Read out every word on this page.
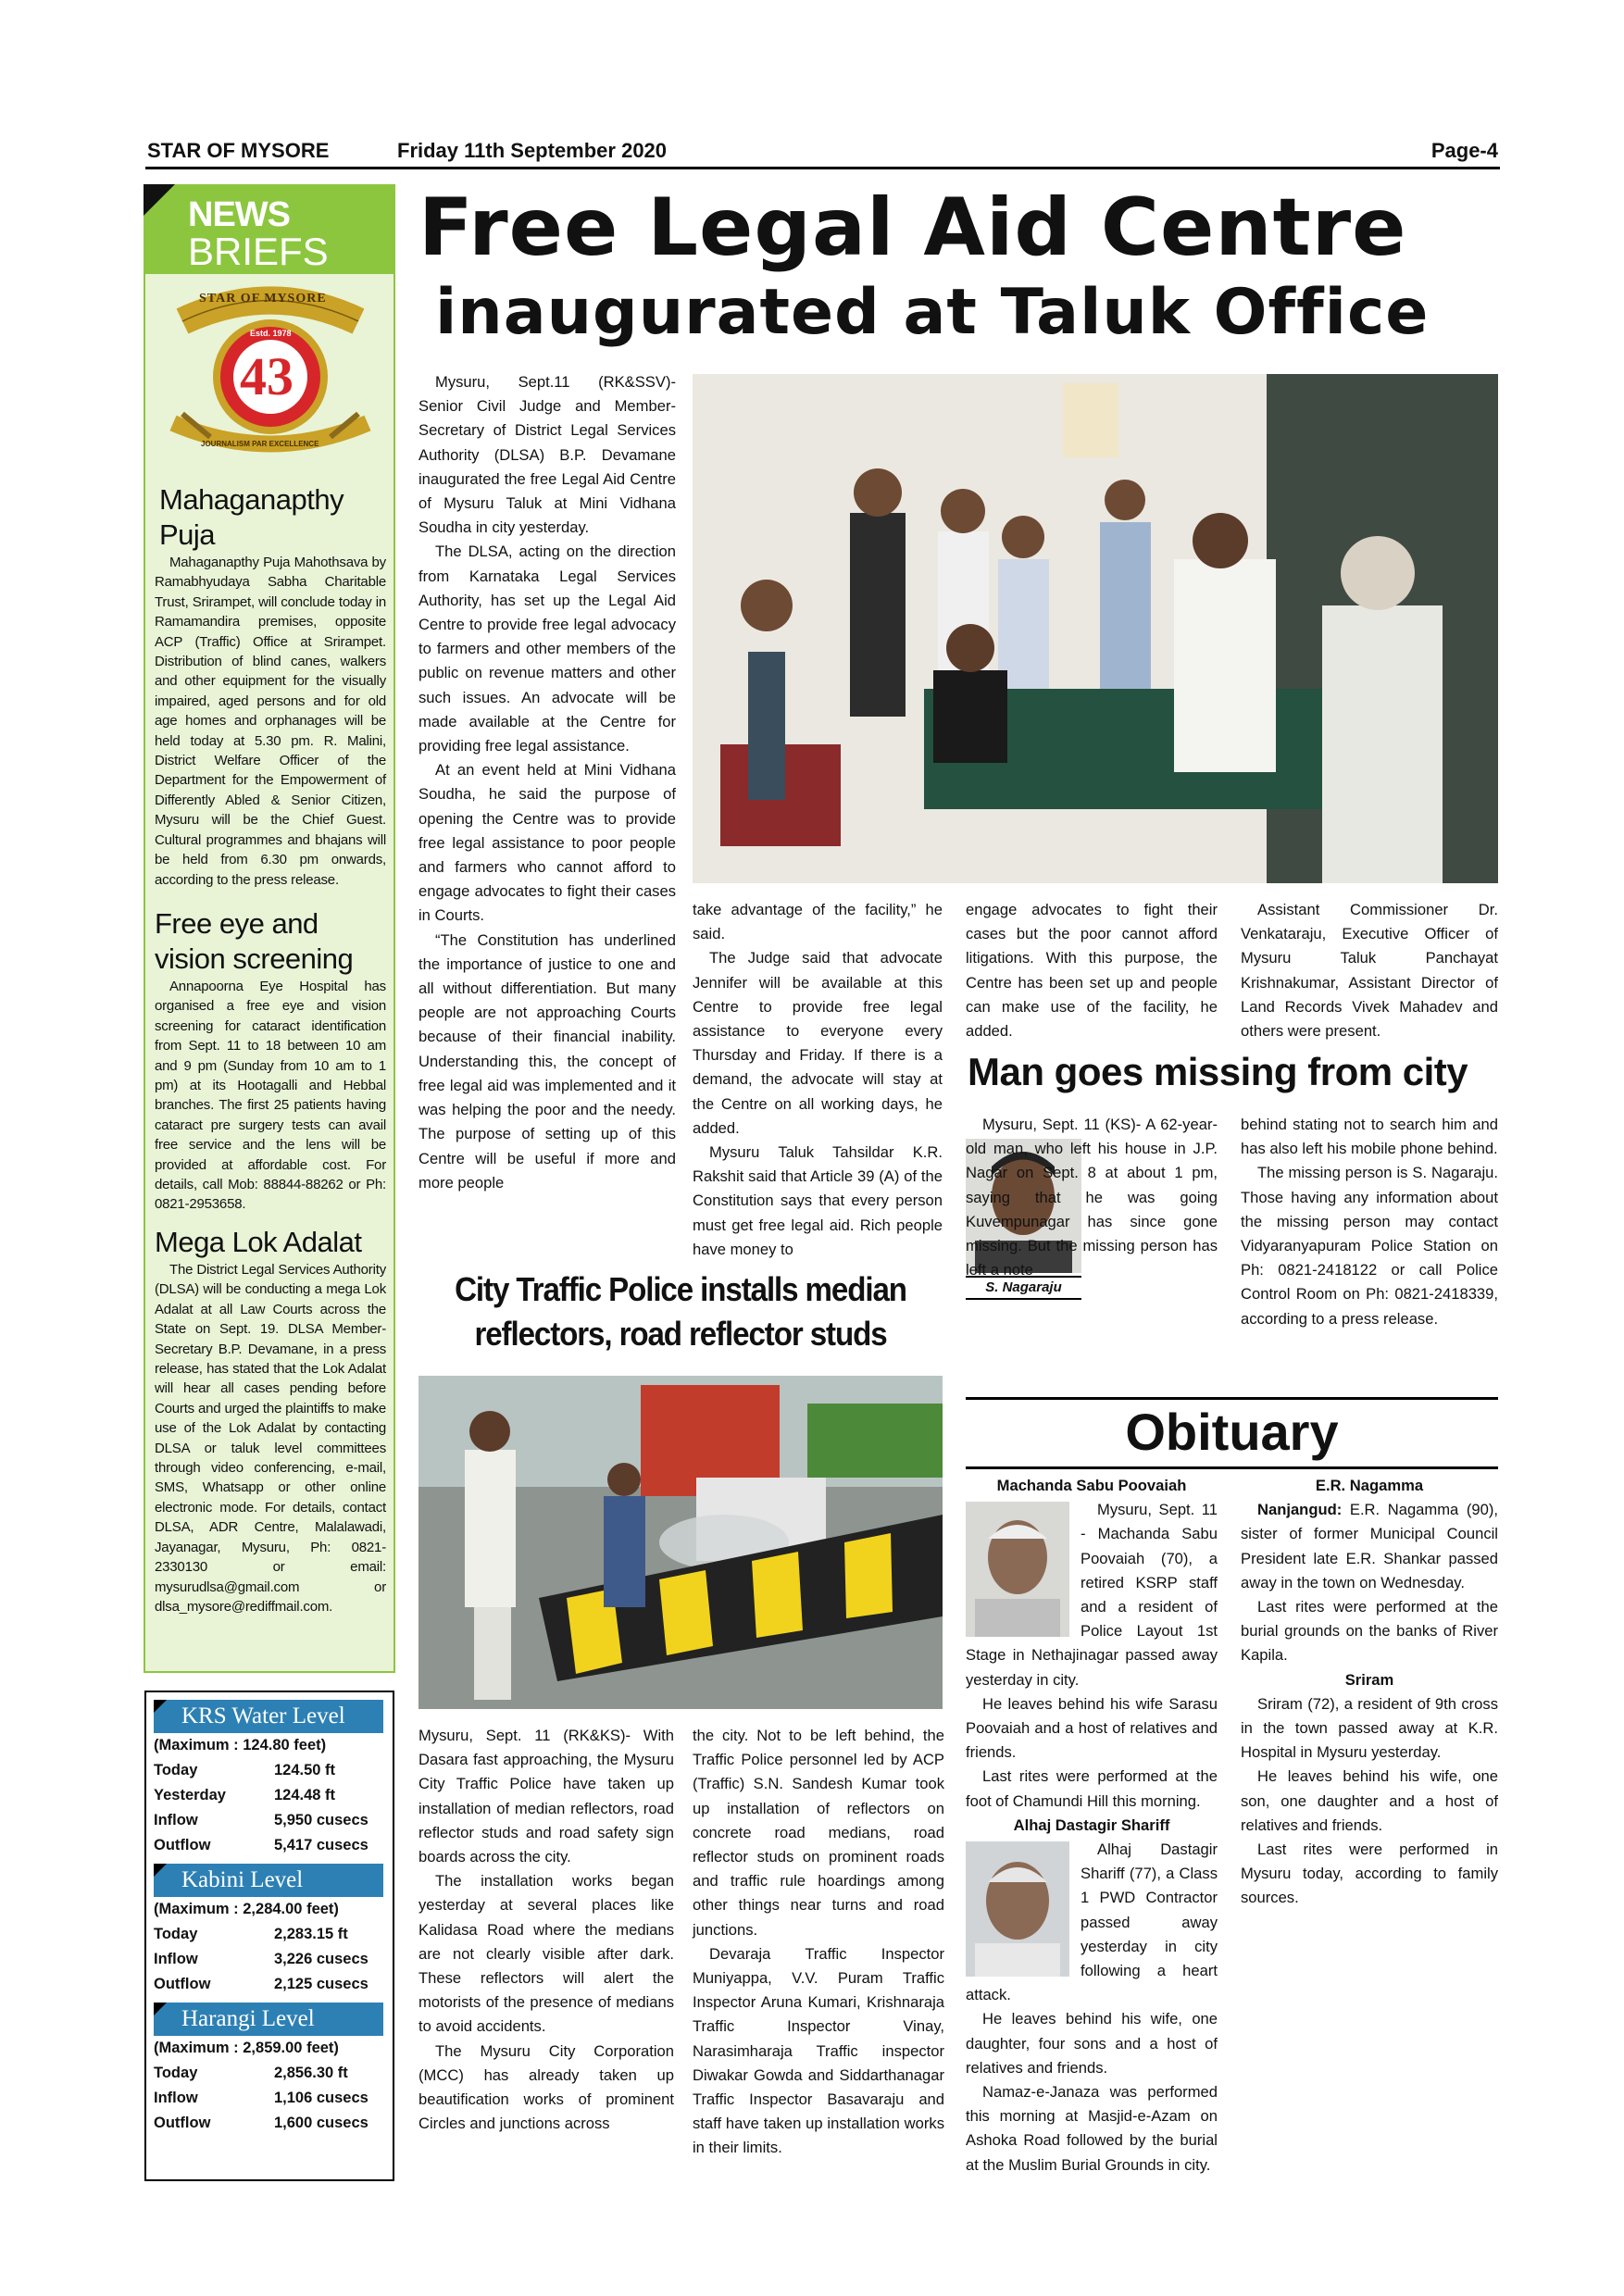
STAR OF MYSORE	Friday 11th September 2020	Page-4
NEWS
BRIEFS
STAR OF MYSORE
Estd. 1978
43
JOURNALISM PAR EXCELLENCE
Mahaganapthy Puja

Mahaganapthy Puja Mahothsava by Ramabhyudaya Sabha Charitable Trust, Srirampet, will conclude today in Ramamandira premises, opposite ACP (Traffic) Office at Srirampet. Distribution of blind canes, walkers and other equipment for the visually impaired, aged persons and for old age homes and orphanages will be held today at 5.30 pm. R. Malini, District Welfare Officer of the Department for the Empowerment of Differently Abled & Senior Citizen, Mysuru will be the Chief Guest. Cultural programmes and bhajans will be held from 6.30 pm onwards, according to the press release.

Free eye and
vision screening

Annapoorna Eye Hospital has organised a free eye and vision screening for cataract identification from Sept. 11 to 18 between 10 am and 9 pm (Sunday from 10 am to 1 pm) at its Hootagalli and Hebbal branches. The first 25 patients having cataract pre surgery tests can avail free service and the lens will be provided at affordable cost. For details, call Mob: 88844-88262 or Ph: 0821-2953658.

Mega Lok Adalat

The District Legal Services Authority (DLSA) will be conducting a mega Lok Adalat at all Law Courts across the State on Sept. 19. DLSA Member-Secretary B.P. Devamane, in a press release, has stated that the Lok Adalat will hear all cases pending before Courts and urged the plaintiffs to make use of the Lok Adalat by contacting DLSA or taluk level committees through video conferencing, e-mail, SMS, Whatsapp or other online electronic mode. For details, contact DLSA, ADR Centre, Malalawadi, Jayanagar, Mysuru, Ph: 0821-2330130 or email: mysurudlsa@gmail.com or dlsa_mysore@rediffmail.com.

KRS Water Level
(Maximum : 124.80 feet)
Today	124.50 ft
Yesterday	124.48 ft
Inflow	5,950 cusecs
Outflow	5,417 cusecs
Kabini Level
(Maximum : 2,284.00 feet)
Today	2,283.15 ft
Inflow	3,226 cusecs
Outflow	2,125 cusecs
Harangi Level
(Maximum : 2,859.00 feet)
Today	2,856.30 ft
Inflow	1,106 cusecs
Outflow	1,600 cusecs
Free Legal Aid Centre
inaugurated at Taluk Office

Mysuru, Sept.11 (RK&SSV)- Senior Civil Judge and Member-Secretary of District Legal Services Authority (DLSA) B.P. Devamane inaugurated the free Legal Aid Centre of Mysuru Taluk at Mini Vidhana Soudha in city yesterday.

The DLSA, acting on the direction from Karnataka Legal Services Authority, has set up the Legal Aid Centre to provide free legal advocacy to farmers and other members of the public on revenue matters and other such issues. An advocate will be made available at the Centre for providing free legal assistance.

At an event held at Mini Vidhana Soudha, he said the purpose of opening the Centre was to provide free legal assistance to poor people and farmers who cannot afford to engage advocates to fight their cases in Courts.

“The Constitution has underlined the importance of justice to one and all without differentiation. But many people are not approaching Courts because of their financial inability. Understanding this, the concept of free legal aid was implemented and it was helping the poor and the needy. The purpose of setting up of this Centre will be useful if more and more people

take advantage of the facility,” he said.

The Judge said that advocate Jennifer will be available at this Centre to provide free legal assistance to everyone every Thursday and Friday. If there is a demand, the advocate will stay at the Centre on all working days, he added.

Mysuru Taluk Tahsildar K.R. Rakshit said that Article 39 (A) of the Constitution says that every person must get free legal aid. Rich people have money to

engage advocates to fight their cases but the poor cannot afford litigations. With this purpose, the Centre has been set up and people can make use of the facility, he added.

Assistant Commissioner Dr. Venkataraju, Executive Officer of Mysuru Taluk Panchayat Krishnakumar, Assistant Director of Land Records Vivek Mahadev and others were present.

Man goes missing from city
S. Nagaraju

Mysuru, Sept. 11 (KS)- A 62-year-old man, who left his house in J.P. Nagar on Sept. 8 at about 1 pm, saying that he was going Kuvempunagar has since gone missing. But the missing person has left a note

behind stating not to search him and has also left his mobile phone behind.

The missing person is S. Nagaraju. Those having any information about the missing person may contact Vidyaranyapuram Police Station on Ph: 0821-2418122 or call Police Control Room on Ph: 0821-2418339, according to a press release.

City Traffic Police installs median
reflectors, road reflector studs

Mysuru, Sept. 11 (RK&KS)- With Dasara fast approaching, the Mysuru City Traffic Police have taken up installation of median reflectors, road reflector studs and road safety sign boards across the city.

The installation works began yesterday at several places like Kalidasa Road where the medians are not clearly visible after dark. These reflectors will alert the motorists of the presence of medians to avoid accidents.

The Mysuru City Corporation (MCC) has already taken up beautification works of prominent Circles and junctions across

the city. Not to be left behind, the Traffic Police personnel led by ACP (Traffic) S.N. Sandesh Kumar took up installation of reflectors on concrete road medians, road reflector studs on prominent roads and traffic rule hoardings among other things near turns and road junctions.

Devaraja Traffic Inspector Muniyappa, V.V. Puram Traffic Inspector Aruna Kumari, Krishnaraja Traffic Inspector Vinay, Narasimharaja Traffic inspector Diwakar Gowda and Siddarthanagar Traffic Inspector Basavaraju and staff have taken up installation works in their limits.

Obituary

Machanda Sabu Poovaiah

Mysuru, Sept. 11 - Machanda Sabu Poovaiah (70), a retired KSRP staff and a resident of Police Layout 1st Stage in Nethajinagar passed away yesterday in city.

He leaves behind his wife Sarasu Poovaiah and a host of relatives and friends.

Last rites were performed at the foot of Chamundi Hill this morning.

Alhaj Dastagir Shariff

Alhaj Dastagir Shariff (77), a Class 1 PWD Contractor passed away yesterday in city following a heart attack.

He leaves behind his wife, one daughter, four sons and a host of relatives and friends.

Namaz-e-Janaza was performed this morning at Masjid-e-Azam on Ashoka Road followed by the burial at the Muslim Burial Grounds in city.

E.R. Nagamma

Nanjangud: E.R. Nagamma (90), sister of former Municipal Council President late E.R. Shankar passed away in the town on Wednesday.

Last rites were performed at the burial grounds on the banks of River Kapila.

Sriram

Sriram (72), a resident of 9th cross in the town passed away at K.R. Hospital in Mysuru yesterday.

He leaves behind his wife, one son, one daughter and a host of relatives and friends.

Last rites were performed in Mysuru today, according to family sources.
